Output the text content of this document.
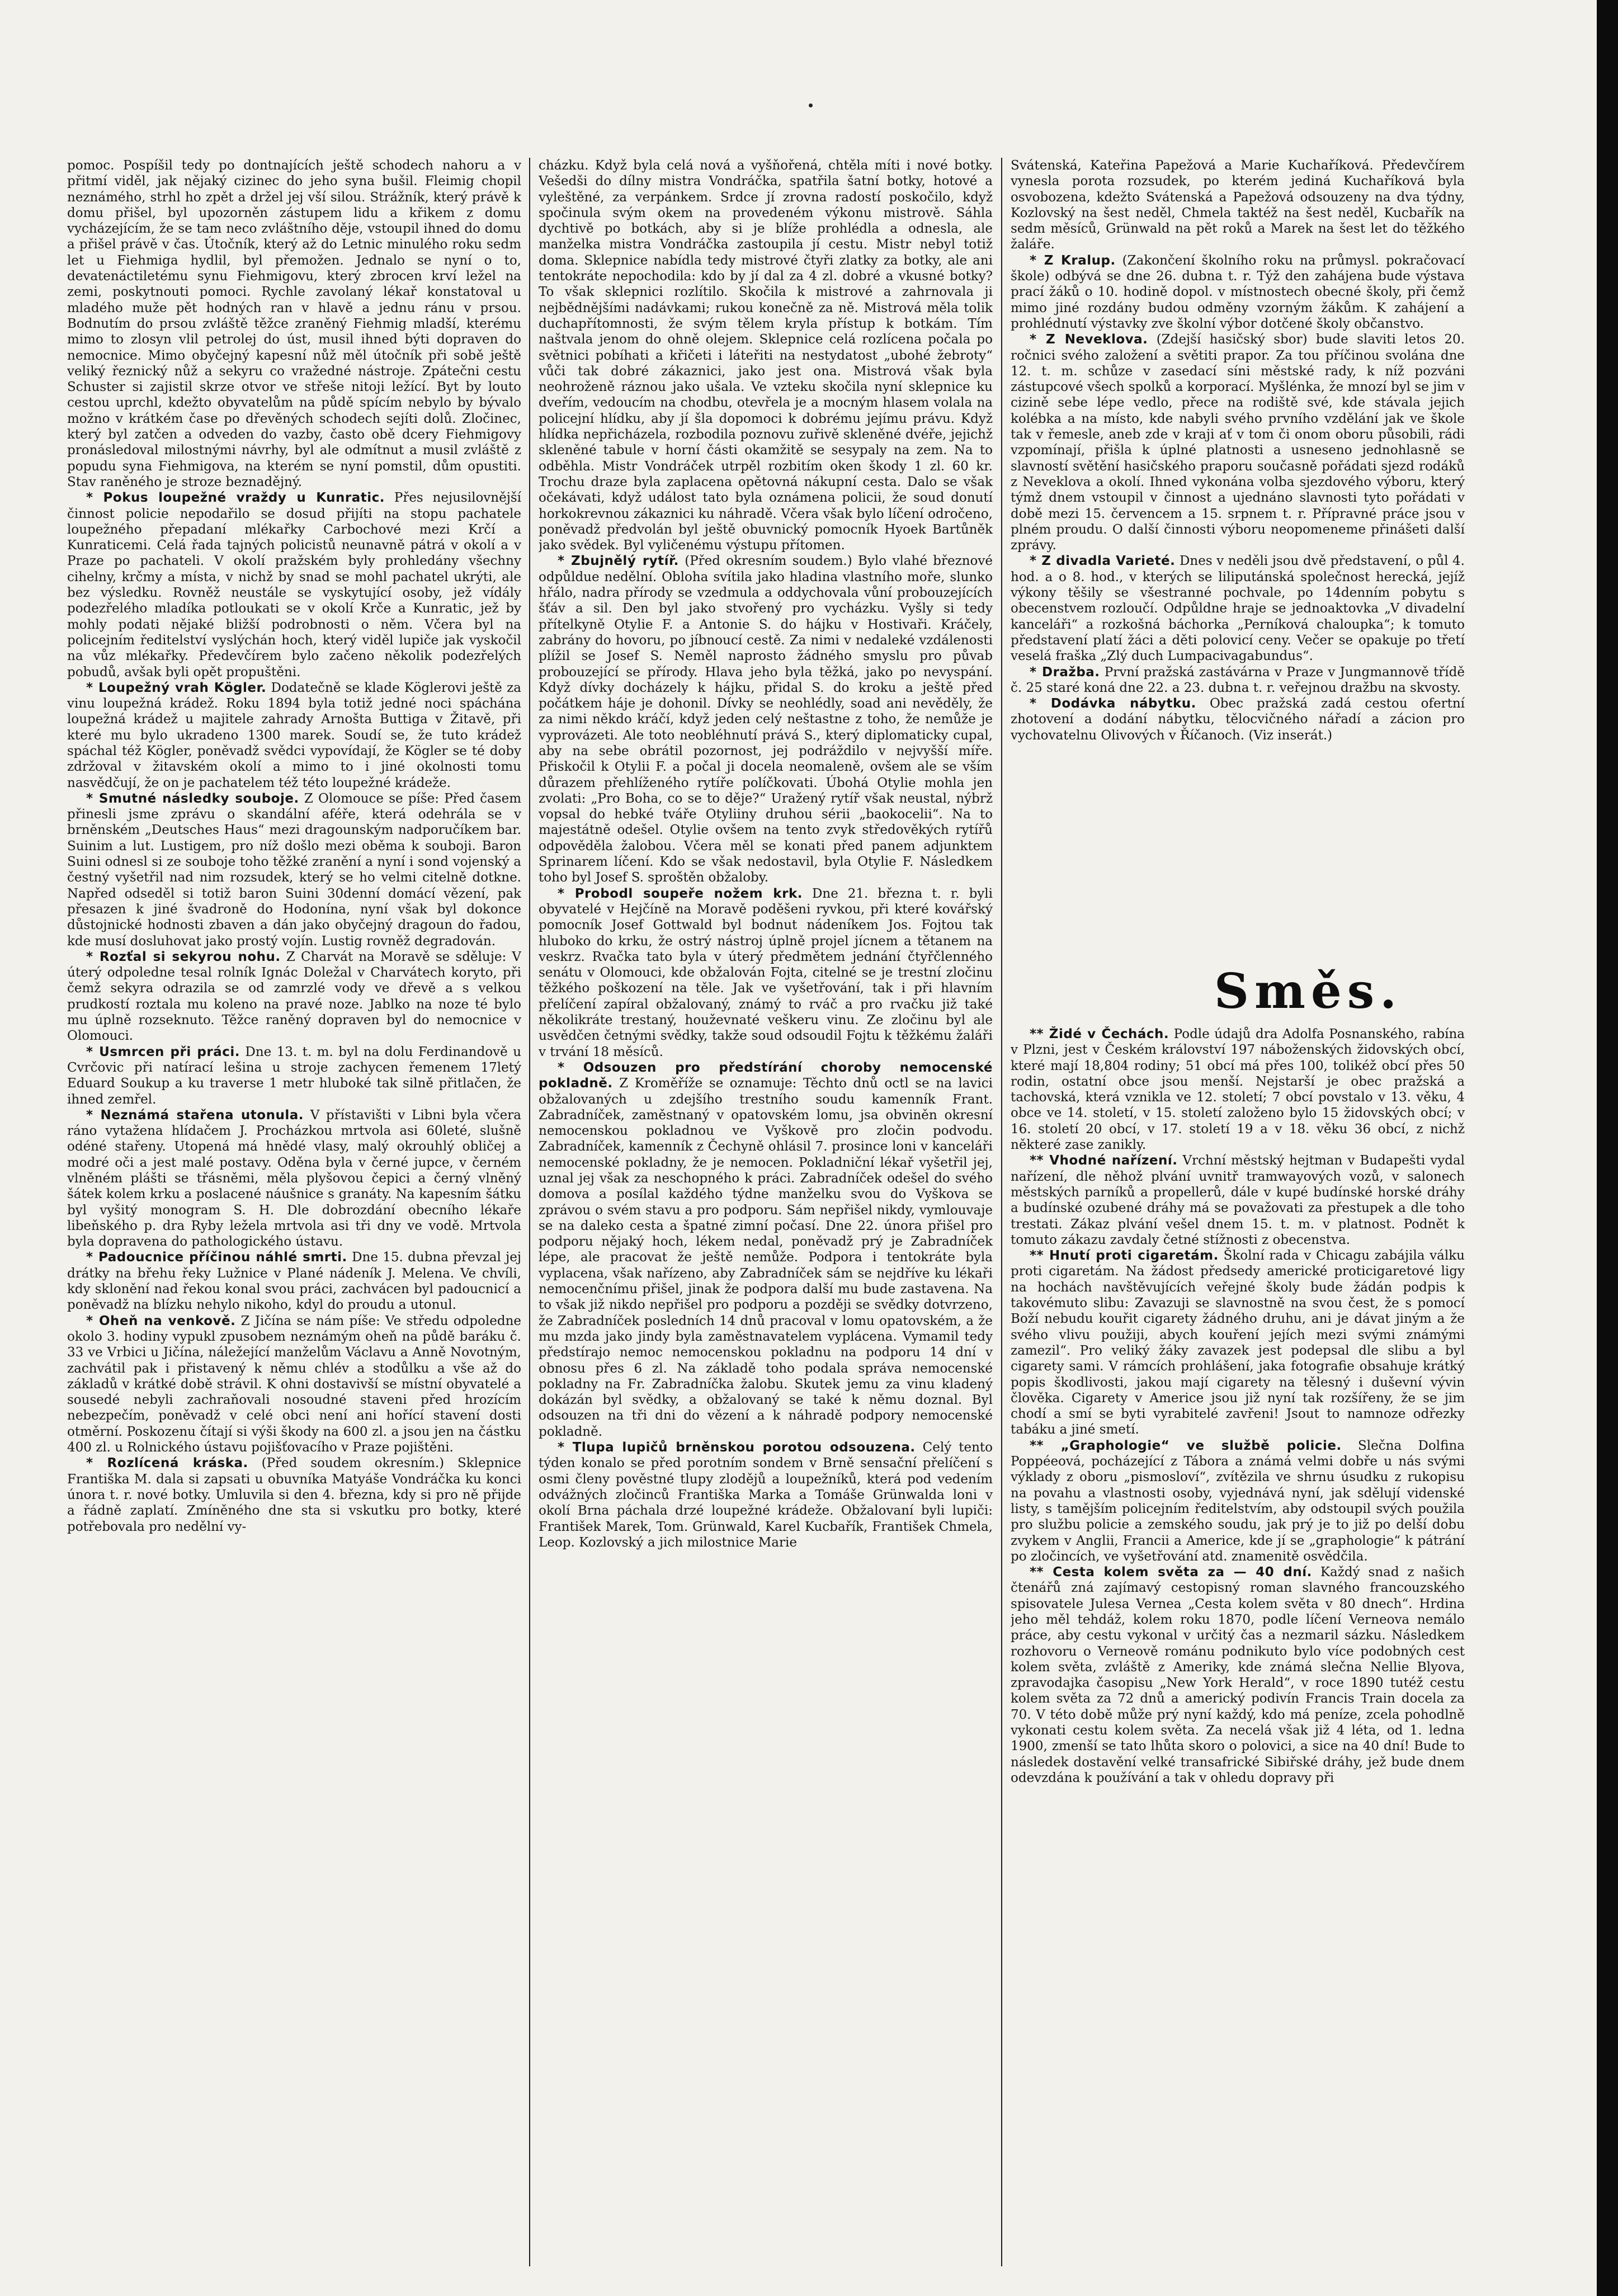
pomoc. Pospíšil tedy po dontnajících ještě schodech nahoru a v přitmí viděl, jak nějaký cizinec do jeho syna bušil. Fleimig chopil neznámého, strhl ho zpět a držel jej vší silou. Strážník, který právě k domu přišel, byl upozorněn zástupem lidu a křikem z domu vycházejícím, že se tam neco zvláštního děje, vstoupil ihned do domu a přišel právě v čas. Útočník, který až do Letnic minulého roku sedm let u Fiehmiga hydlil, byl přemožen. Jednalo se nyní o to, devatenáctiletému synu Fiehmigovu, který zbrocen krví ležel na zemi, poskytnouti pomoci. Rychle zavolaný lékař konstatoval u mladého muže pět hodných ran v hlavě a jednu ránu v prsou. Bodnutím do prsou zvláště těžce zraněný Fiehmig mladší, kterému mimo to zlosyn vlil petrolej do úst, musil ihned býti dopraven do nemocnice. Mimo obyčejný kapesní nůž měl útočník při sobě ještě veliký řeznický nůž a sekyru co vražedné nástroje. Zpátečni cestu Schuster si zajistil skrze otvor ve střeše nitoji ležící. Byt by louto cestou uprchl, kdežto obyvatelům na půdě spícím nebylo by bývalo možno v krátkém čase po dřevěných schodech sejíti dolů. Zločinec, který byl zatčen a odveden do vazby, často obě dcery Fiehmigovy pronásledoval milostnými návrhy, byl ale odmítnut a musil zvláště z popudu syna Fiehmigova, na kterém se nyní pomstil, dům opustiti. Stav raněného je stroze beznadějný.

* Pokus loupežné vraždy u Kunratic. Přes nejusilovnější činnost policie nepodařilo se dosud přijíti na stopu pachatele loupežného přepadaní mlékařky Carbochové mezi Krčí a Kunraticemi. Celá řada tajných policistů neunavně pátrá v okolí a v Praze po pachateli. V okolí pražském byly prohledány všechny cihelny, krčmy a místa, v nichž by snad se mohl pachatel ukrýti, ale bez výsledku. Rovněž neustále se vyskytující osoby, jež vídály podezřelého mladíka potloukati se v okolí Krče a Kunratic, jež by mohly podati nějaké bližší podrobnosti o něm. Včera byl na policejním ředitelství vyslýchán hoch, který viděl lupiče jak vyskočil na vůz mlékařky. Předevčírem bylo začeno několik podezřelých pobudů, avšak byli opět propuštěni.

* Loupežný vrah Kögler. Dodatečně se klade Köglerovi ještě za vinu loupežná krádež. Roku 1894 byla totiž jedné noci spáchána loupežná krádež u majitele zahrady Arnošta Buttiga v Žitavě, při které mu bylo ukradeno 1300 marek. Soudí se, že tuto krádež spáchal též Kögler, poněvadž svědci vypovídají, že Kögler se té doby zdržoval v žitavském okolí a mimo to i jiné okolnosti tomu nasvědčují, že on je pachatelem též této loupežné krádeže.

* Smutné následky souboje. Z Olomouce se píše: Před časem přinesli jsme zprávu o skandální aféře, která odehrála se v brněnském „Deutsches Haus“ mezi dragounským nadporučíkem bar. Suinim a lut. Lustigem, pro níž došlo mezi oběma k souboji. Baron Suini odnesl si ze souboje toho těžké zranění a nyní i sond vojenský a čestný vyšetřil nad nim rozsudek, který se ho velmi citelně dotkne. Napřed odseděl si totiž baron Suini 30denní domácí vězení, pak přesazen k jiné švadroně do Hodonína, nyní však byl dokonce důstojnické hodnosti zbaven a dán jako obyčejný dragoun do řadou, kde musí dosluhovat jako prostý vojín. Lustig rovněž degradován.

* Rozťal si sekyrou nohu. Z Charvát na Moravě se sděluje: V úterý odpoledne tesal rolník Ignác Doležal v Charvátech koryto, při čemž sekyra odrazila se od zamrzlé vody ve dřevě a s velkou prudkostí roztala mu koleno na pravé noze. Jablko na noze té bylo mu úplně rozseknuto. Těžce raněný dopraven byl do nemocnice v Olomouci.

* Usmrcen při práci. Dne 13. t. m. byl na dolu Ferdinandově u Cvrčovic při natírací lešina u stroje zachycen řemenem 17letý Eduard Soukup a ku traverse 1 metr hluboké tak silně přitlačen, že ihned zemřel.

* Neznámá stařena utonula. V přístavišti v Libni byla včera ráno vytažena hlídačem J. Procházkou mrtvola asi 60leté, slušně odéné stařeny. Utopená má hnědé vlasy, malý okrouhlý obličej a modré oči a jest malé postavy. Oděna byla v černé jupce, v černém vlněném plášti se třásněmi, měla plyšovou čepici a černý vlněný šátek kolem krku a poslacené náušnice s granáty. Na kapesním šátku byl vyšitý monogram S. H. Dle dobrozdání obecního lékaře libeňského p. dra Ryby ležela mrtvola asi tři dny ve vodě. Mrtvola byla dopravena do pathologického ústavu.

* Padoucnice příčinou náhlé smrti. Dne 15. dubna převzal jej drátky na břehu řeky Lužnice v Plané nádeník J. Melena. Ve chvíli, kdy sklonění nad řekou konal svou práci, zachvácen byl padoucnicí a poněvadž na blízku nehylo nikoho, kdyl do proudu a utonul.

* Oheň na venkově. Z Jičína se nám píše: Ve středu odpoledne okolo 3. hodiny vypukl zpusobem neznámým oheň na půdě baráku č. 33 ve Vrbici u Jičína, náležející manželům Václavu a Anně Novotným, zachvátil pak i přistavený k němu chlév a stodůlku a vše až do základů v krátké době strávil. K ohni dostavivší se místní obyvatelé a sousedé nebyli zachraňovali nosoudné staveni před hrozícím nebezpečím, poněvadž v celé obci není ani hořící stavení dosti otměrní. Poskozenu čítají si výši škody na 600 zl. a jsou jen na částku 400 zl. u Rolnického ústavu pojišťovacího v Praze pojištěni.

* Rozlícená kráska. (Před soudem okresním.) Sklepnice Františka M. dala si zapsati u obuvníka Matyáše Vondráčka ku konci února t. r. nové botky. Umluvila si den 4. března, kdy si pro ně přijde a řádně zaplatí. Zmíněného dne sta si vskutku pro botky, které potřebovala pro nedělní vy-

cházku. Když byla celá nová a vyšňořená, chtěla míti i nové botky. Vešedši do dílny mistra Vondráčka, spatřila šatní botky, hotové a vyleštěné, za verpánkem. Srdce jí zrovna radostí poskočilo, když spočinula svým okem na provedeném výkonu mistrově. Sáhla dychtivě po botkách, aby si je blíže prohlédla a odnesla, ale manželka mistra Vondráčka zastoupila jí cestu. Mistr nebyl totiž doma. Sklepnice nabídla tedy mistrové čtyři zlatky za botky, ale ani tentokráte nepochodila: kdo by jí dal za 4 zl. dobré a vkusné botky? To však sklepnici rozlítilo. Skočila k mistrové a zahrnovala ji nejbědnějšími nadávkami; rukou konečně za ně. Mistrová měla tolik duchapřítomnosti, že svým tělem kryla přístup k botkám. Tím naštvala jenom do ohně olejem. Sklepnice celá rozlícena počala po světnici pobíhati a křičeti i láteřiti na nestydatost „ubohé žebroty“ vůči tak dobré zákaznici, jako jest ona. Mistrová však byla neohroženě ráznou jako ušala. Ve vzteku skočila nyní sklepnice ku dveřím, vedoucím na chodbu, otevřela je a mocným hlasem volala na policejní hlídku, aby jí šla dopomoci k dobrému jejímu právu. Když hlídka nepřicházela, rozbodila poznovu zuřivě skleněné dvéře, jejichž skleněné tabule v horní části okamžitě se sesypaly na zem. Na to odběhla. Mistr Vondráček utrpěl rozbitím oken škody 1 zl. 60 kr. Trochu draze byla zaplacena opětovná nákupní cesta. Dalo se však očekávati, když událost tato byla oznámena policii, že soud donutí horkokrevnou zákaznici ku náhradě. Včera však bylo líčení odročeno, poněvadž předvolán byl ještě obuvnický pomocník Hyoek Bartůněk jako svědek. Byl vyličenému výstupu přítomen.

* Zbujnělý rytíř. (Před okresním soudem.) Bylo vlahé březnové odpůldue nedělní. Obloha svítila jako hladina vlastního moře, slunko hřálo, nadra přírody se vzedmula a oddychovala vůní probouzejících šťáv a sil. Den byl jako stvořený pro vycházku. Vyšly si tedy přítelkyně Otylie F. a Antonie S. do hájku v Hostivaři. Kráčely, zabrány do hovoru, po jíbnoucí cestě. Za nimi v nedaleké vzdálenosti plížil se Josef S. Neměl naprosto žádného smyslu pro půvab probouzející se přírody. Hlava jeho byla těžká, jako po nevyspání. Když dívky docházely k hájku, přidal S. do kroku a ještě před počátkem háje je dohonil. Dívky se neohlédly, soad ani nevěděly, že za nimi někdo kráčí, když jeden celý neštastne z toho, že nemůže je vyprovázeti. Ale toto neobléhnutí prává S., který diplomaticky cupal, aby na sebe obrátil pozornost, jej podráždilo v nejvyšší míře. Přiskočil k Otylii F. a počal ji docela neomaleně, ovšem ale se vším důrazem přehlíženého rytíře políčkovati. Úbohá Otylie mohla jen zvolati: „Pro Boha, co se to děje?“ Uražený rytíř však neustal, nýbrž vopsal do hebké tváře Otyliiny druhou sérii „baokocelii“. Na to majestátně odešel. Otylie ovšem na tento zvyk středověkých rytířů odpověděla žalobou. Včera měl se konati před panem adjunktem Sprinarem líčení. Kdo se však nedostavil, byla Otylie F. Následkem toho byl Josef S. sproštěn obžaloby.

* Probodl soupeře nožem krk. Dne 21. března t. r. byli obyvatelé v Hejčíně na Moravě poděšeni ryvkou, při které kovářský pomocník Josef Gottwald byl bodnut nádeníkem Jos. Fojtou tak hluboko do krku, že ostrý nástroj úplně projel jícnem a tětanem na veskrz. Rvačka tato byla v úterý předmětem jednání čtyřčlenného senátu v Olomouci, kde obžalován Fojta, citelné se je trestní zločinu těžkého poškození na těle. Jak ve vyšetřování, tak i při hlavním přelíčení zapíral obžalovaný, známý to rváč a pro rvačku již také několikráte trestaný, houževnaté veškeru vinu. Ze zločinu byl ale usvědčen četnými svědky, takže soud odsoudil Fojtu k těžkému žaláři v trvání 18 měsíců.

* Odsouzen pro předstírání choroby nemocenské pokladně. Z Kroměříže se oznamuje: Těchto dnů octl se na lavici obžalovaných u zdejšího trestního soudu kamenník Frant. Zabradníček, zaměstnaný v opatovském lomu, jsa obviněn okresní nemocenskou pokladnou ve Vyškově pro zločin podvodu. Zabradníček, kamenník z Čechyně ohlásil 7. prosince loni v kanceláři nemocenské pokladny, že je nemocen. Pokladniční lékař vyšetřil jej, uznal jej však za neschopného k práci. Zabradníček odešel do svého domova a posílal každého týdne manželku svou do Vyškova se zprávou o svém stavu a pro podporu. Sám nepřišel nikdy, vymlouvaje se na daleko cesta a špatné zimní počasí. Dne 22. února přišel pro podporu nějaký hoch, lékem nedal, poněvadž prý je Zabradníček lépe, ale pracovat že ještě nemůže. Podpora i tentokráte byla vyplacena, však nařízeno, aby Zabradníček sám se nejdříve ku lékaři nemocenčnímu přišel, jinak že podpora další mu bude zastavena. Na to však již nikdo nepřišel pro podporu a později se svědky dotvrzeno, že Zabradníček posledních 14 dnů pracoval v lomu opatovském, a že mu mzda jako jindy byla zaměstnavatelem vyplácena. Vymamil tedy předstírajo nemoc nemocenskou pokladnu na podporu 14 dní v obnosu přes 6 zl. Na základě toho podala správa nemocenské pokladny na Fr. Zabradníčka žalobu. Skutek jemu za vinu kladený dokázán byl svědky, a obžalovaný se také k němu doznal. Byl odsouzen na tři dni do vězení a k náhradě podpory nemocenské pokladně.

* Tlupa lupičů brněnskou porotou odsouzena. Celý tento týden konalo se před porotním sondem v Brně sensační přelíčení s osmi členy pověstné tlupy zlodějů a loupežníků, která pod vedením odvážných zločinců Františka Marka a Tomáše Grünwalda loni v okolí Brna páchala drzé loupežné krádeže. Obžalovaní byli lupiči: František Marek, Tom. Grünwald, Karel Kucbařík, František Chmela, Leop. Kozlovský a jich milostnice Marie

Svátenská, Kateřina Papežová a Marie Kuchaříková. Předevčírem vynesla porota rozsudek, po kterém jediná Kuchaříková byla osvobozena, kdežto Svátenská a Papežová odsouzeny na dva týdny, Kozlovský na šest neděl, Chmela taktéž na šest neděl, Kucbařík na sedm měsíců, Grünwald na pět roků a Marek na šest let do těžkého žaláře.

* Z Kralup. (Zakončení školního roku na průmysl. pokračovací škole) odbývá se dne 26. dubna t. r. Týž den zahájena bude výstava prací žáků o 10. hodině dopol. v místnostech obecné školy, při čemž mimo jiné rozdány budou odměny vzorným žákům. K zahájení a prohlédnutí výstavky zve školní výbor dotčené školy občanstvo.

* Z Neveklova. (Zdejší hasičský sbor) bude slaviti letos 20. ročnici svého založení a světiti prapor. Za tou příčinou svolána dne 12. t. m. schůze v zasedací síni městské rady, k níž pozváni zástupcové všech spolků a korporací. Myšlénka, že mnozí byl se jim v cizině sebe lépe vedlo, přece na rodiště své, kde stávala jejich kolébka a na místo, kde nabyli svého prvního vzdělání jak ve škole tak v řemesle, aneb zde v kraji ať v tom či onom oboru působili, rádi vzpomínají, přišla k úplné platnosti a usneseno jednohlasně se slavností světění hasičského praporu současně pořádati sjezd rodáků z Neveklova a okolí. Ihned vykonána volba sjezdového výboru, který týmž dnem vstoupil v činnost a ujednáno slavnosti tyto pořádati v době mezi 15. červencem a 15. srpnem t. r. Přípravné práce jsou v plném proudu. O další činnosti výboru neopomeneme přinášeti další zprávy.

* Z divadla Varieté. Dnes v neděli jsou dvě představení, o půl 4. hod. a o 8. hod., v kterých se liliputánská společnost herecká, jejíž výkony těšily se všestranné pochvale, po 14denním pobytu s obecenstvem rozloučí. Odpůldne hraje se jednoaktovka „V divadelní kanceláři“ a rozkošná báchorka „Perníková chaloupka“; k tomuto představení platí žáci a děti polovicí ceny. Večer se opakuje po třetí veselá fraška „Zlý duch Lumpacivagabundus“.

* Dražba. První pražská zastávárna v Praze v Jungmannově třídě č. 25 staré koná dne 22. a 23. dubna t. r. veřejnou dražbu na skvosty.

* Dodávka nábytku. Obec pražská zadá cestou ofertní zhotovení a dodání nábytku, tělocvičného nářadí a zácion pro vychovatelnu Olivových v Říčanoch. (Viz inserát.)

Směs.

** Židé v Čechách. Podle údajů dra Adolfa Posnanského, rabína v Plzni, jest v Českém království 197 náboženských židovských obcí, které mají 18,804 rodiny; 51 obcí má přes 100, tolikéž obcí přes 50 rodin, ostatní obce jsou menší. Nejstarší je obec pražská a tachovská, která vznikla ve 12. století; 7 obcí povstalo v 13. věku, 4 obce ve 14. století, v 15. století založeno bylo 15 židovských obcí; v 16. století 20 obcí, v 17. století 19 a v 18. věku 36 obcí, z nichž některé zase zanikly.

** Vhodné nařízení. Vrchní městský hejtman v Budapešti vydal nařízení, dle něhož plvání uvnitř tramwayových vozů, v salonech městských parníků a propellerů, dále v kupé budínské horské dráhy a budínské ozubené dráhy má se považovati za přestupek a dle toho trestati. Zákaz plvání vešel dnem 15. t. m. v platnost. Podnět k tomuto zákazu zavdaly četné stížnosti z obecenstva.

** Hnutí proti cigaretám. Školní rada v Chicagu zabájila válku proti cigaretám. Na žádost předsedy americké proticigaretové ligy na hochách navštěvujících veřejné školy bude žádán podpis k takovémuto slibu: Zavazuji se slavnostně na svou čest, že s pomocí Boží nebudu kouřit cigarety žádného druhu, ani je dávat jiným a že svého vlivu použiji, abych kouření jejích mezi svými známými zamezil“. Pro veliký žáky zavazek jest podepsal dle slibu a byl cigarety sami. V rámcích prohlášení, jaka fotografie obsahuje krátký popis škodlivosti, jakou mají cigarety na tělesný i duševní vývin člověka. Cigarety v Americe jsou již nyní tak rozšířeny, že se jim chodí a smí se byti vyrabitelé zavřeni! Jsout to namnoze odřezky tabáku a jiné smetí.

** „Graphologie“ ve službě policie. Slečna Dolfina Poppéeová, pocházející z Tábora a známá velmi dobře u nás svými výklady z oboru „pismosloví“, zvítězila ve shrnu úsudku z rukopisu na povahu a vlastnosti osoby, vyjednává nyní, jak sdělují videnské listy, s tamějším policejním ředitelstvím, aby odstoupil svých použila pro službu policie a zemského soudu, jak prý je to již po delší dobu zvykem v Anglii, Francii a Americe, kde jí se „graphologie“ k pátrání po zločincích, ve vyšetřování atd. znamenitě osvědčila.

** Cesta kolem světa za — 40 dní. Každý snad z našich čtenářů zná zajímavý cestopisný roman slavného francouzského spisovatele Julesa Vernea „Cesta kolem světa v 80 dnech“. Hrdina jeho měl tehdáž, kolem roku 1870, podle líčení Verneova nemálo práce, aby cestu vykonal v určitý čas a nezmaril sázku. Následkem rozhovoru o Verneově románu podnikuto bylo více podobných cest kolem světa, zvláště z Ameriky, kde známá slečna Nellie Blyova, zpravodajka časopisu „New York Herald“, v roce 1890 tutéž cestu kolem světa za 72 dnů a americký podivín Francis Train docela za 70. V této době může prý nyní každý, kdo má peníze, zcela pohodlně vykonati cestu kolem světa. Za necelá však již 4 léta, od 1. ledna 1900, zmenší se tato lhůta skoro o polovici, a sice na 40 dní! Bude to následek dostavění velké transafrické Sibiřské dráhy, jež bude dnem odevzdána k používání a tak v ohledu dopravy při
